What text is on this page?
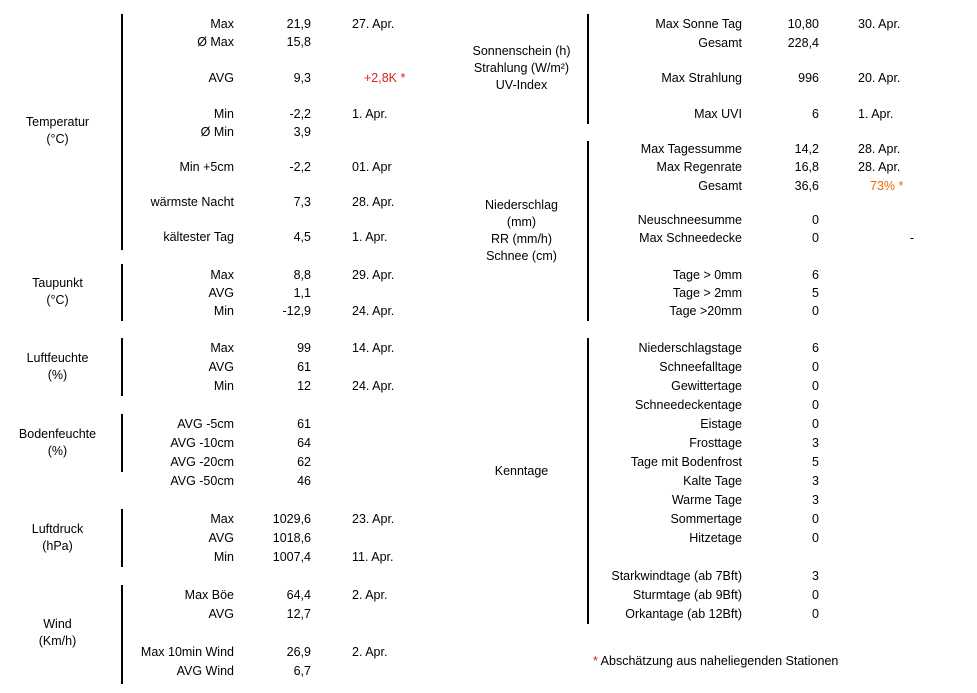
Temperatur
(°C)
Max	21,9	27. Apr.
Ø Max	15,8
AVG	9,3	+2,8K *
Min	-2,2	1. Apr.
Ø Min	3,9
Min +5cm	-2,2	01. Apr
wärmste Nacht	7,3	28. Apr.
kältester Tag	4,5	1. Apr.
Taupunkt
(°C)
Max	8,8	29. Apr.
AVG	1,1
Min	-12,9	24. Apr.
Luftfeuchte
(%)
Max	99	14. Apr.
AVG	61
Min	12	24. Apr.
Bodenfeuchte
(%)
AVG -5cm	61
AVG -10cm	64
AVG -20cm	62
AVG -50cm	46
Luftdruck
(hPa)
Max	1029,6	23. Apr.
AVG	1018,6
Min	1007,4	11. Apr.
Wind
(Km/h)
Max Böe	64,4	2. Apr.
AVG	12,7
Max 10min Wind	26,9	2. Apr.
AVG Wind	6,7
Sonnenschein (h)
Strahlung (W/m²)
UV-Index
Max Sonne Tag	10,80	30. Apr.
Gesamt	228,4
Max Strahlung	996	20. Apr.
Max UVI	6	1. Apr.
Niederschlag
(mm)
RR (mm/h)
Schnee (cm)
Max Tagessumme	14,2	28. Apr.
Max Regenrate	16,8	28. Apr.
Gesamt	36,6	73% *
Neuschneesumme	0
Max Schneedecke	0	-
Tage > 0mm	6
Tage > 2mm	5
Tage >20mm	0
Kenntage
Niederschlagstage	6
Schneefalltage	0
Gewittertage	0
Schneedeckentage	0
Eistage	0
Frosttage	3
Tage mit Bodenfrost	5
Kalte Tage	3
Warme Tage	3
Sommertage	0
Hitzetage	0
Starkwindtage (ab 7Bft)	3
Sturmtage (ab 9Bft)	0
Orkantage (ab 12Bft)	0
* Abschätzung aus naheliegenden Stationen
